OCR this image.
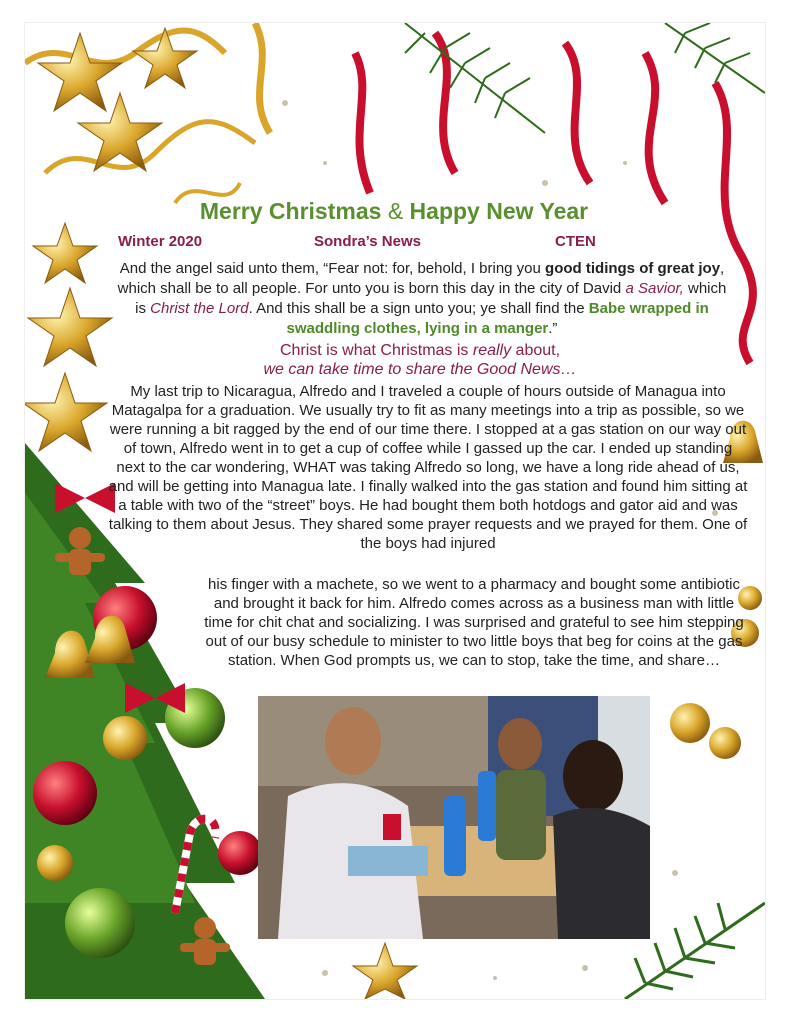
Merry Christmas & Happy New Year
Winter 2020	Sondra’s News	CTEN
And the angel said unto them, “Fear not: for, behold, I bring you good tidings of great joy, which shall be to all people. For unto you is born this day in the city of David a Savior, which is Christ the Lord. And this shall be a sign unto you; ye shall find the Babe wrapped in swaddling clothes, lying in a manger.”
Christ is what Christmas is really about,
we can take time to share the Good News…
My last trip to Nicaragua, Alfredo and I traveled a couple of hours outside of Managua into Matagalpa for a graduation. We usually try to fit as many meetings into a trip as possible, so we were running a bit ragged by the end of our time there. I stopped at a gas station on our way out of town, Alfredo went in to get a cup of coffee while I gassed up the car. I ended up standing next to the car wondering, WHAT was taking Alfredo so long, we have a long ride ahead of us, and will be getting into Managua late. I finally walked into the gas station and found him sitting at a table with two of the “street” boys. He had bought them both hotdogs and gator aid and was talking to them about Jesus. They shared some prayer requests and we prayed for them. One of the boys had injured
his finger with a machete, so we went to a pharmacy and bought some antibiotic and brought it back for him. Alfredo comes across as a business man with little time for chit chat and socializing. I was surprised and grateful to see him stepping out of our busy schedule to minister to two little boys that beg for coins at the gas station. When God prompts us, we can to stop, take the time, and share…
